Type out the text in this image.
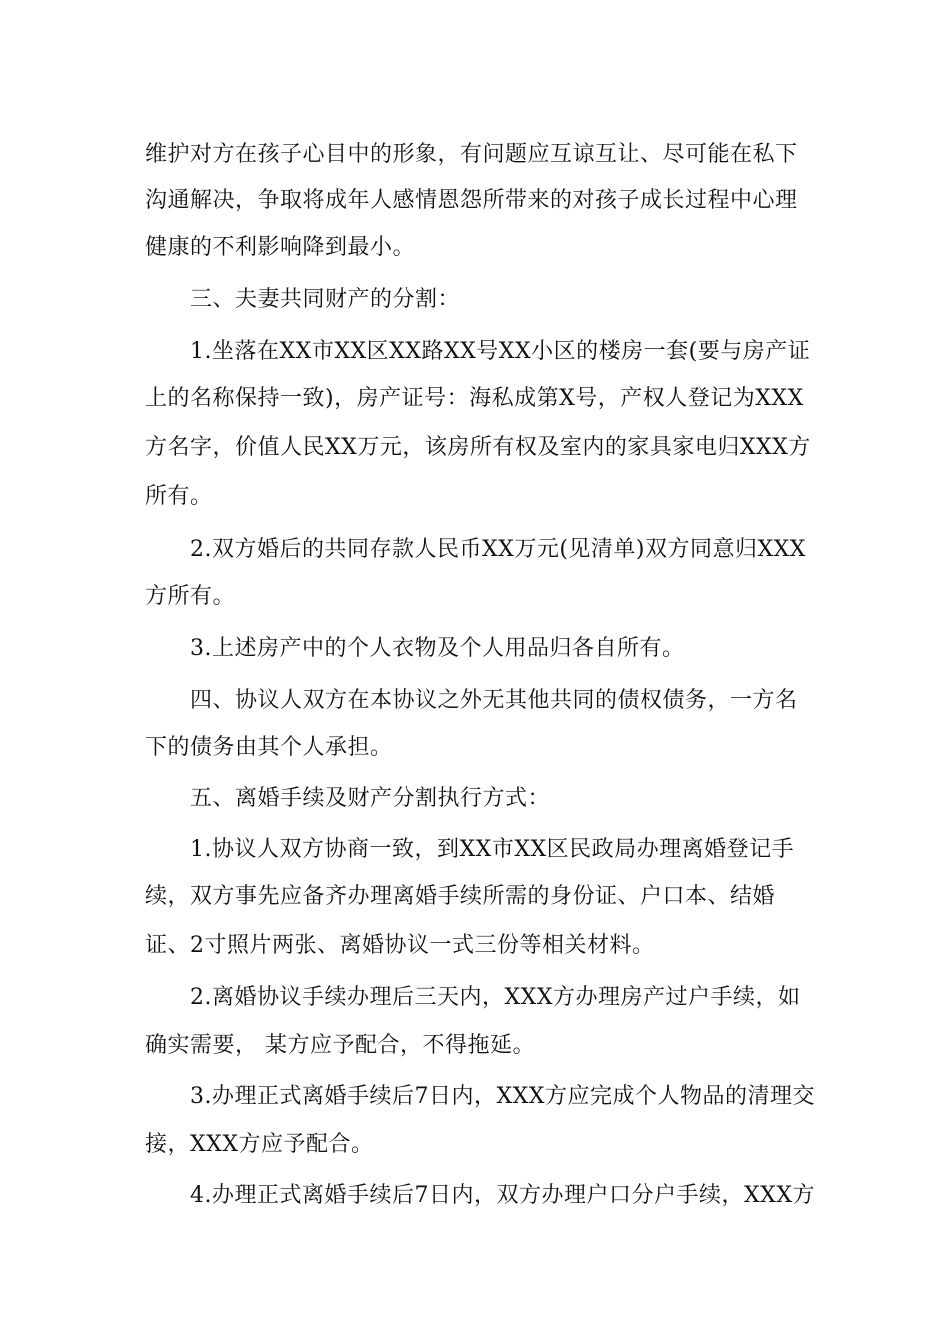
维护对方在孩子心目中的形象，有问题应互谅互让、尽可能在私下
沟通解决，争取将成年人感情恩怨所带来的对孩子成长过程中心理
健康的不利影响降到最小。
三、夫妻共同财产的分割：
1.坐落在XX市XX区XX路XX号XX小区的楼房一套(要与房产证
上的名称保持一致)，房产证号：海私成第X号，产权人登记为XXX
方名字，价值人民XX万元，该房所有权及室内的家具家电归XXX方
所有。
2.双方婚后的共同存款人民币XX万元(见清单)双方同意归XXX
方所有。
3.上述房产中的个人衣物及个人用品归各自所有。
四、协议人双方在本协议之外无其他共同的债权债务，一方名
下的债务由其个人承担。
五、离婚手续及财产分割执行方式：
1.协议人双方协商一致，到XX市XX区民政局办理离婚登记手
续，双方事先应备齐办理离婚手续所需的身份证、户口本、结婚
证、2寸照片两张、离婚协议一式三份等相关材料。
2.离婚协议手续办理后三天内，XXX方办理房产过户手续，如
确实需要， 某方应予配合，不得拖延。
3.办理正式离婚手续后7日内，XXX方应完成个人物品的清理交
接，XXX方应予配合。
4.办理正式离婚手续后7日内，双方办理户口分户手续，XXX方
